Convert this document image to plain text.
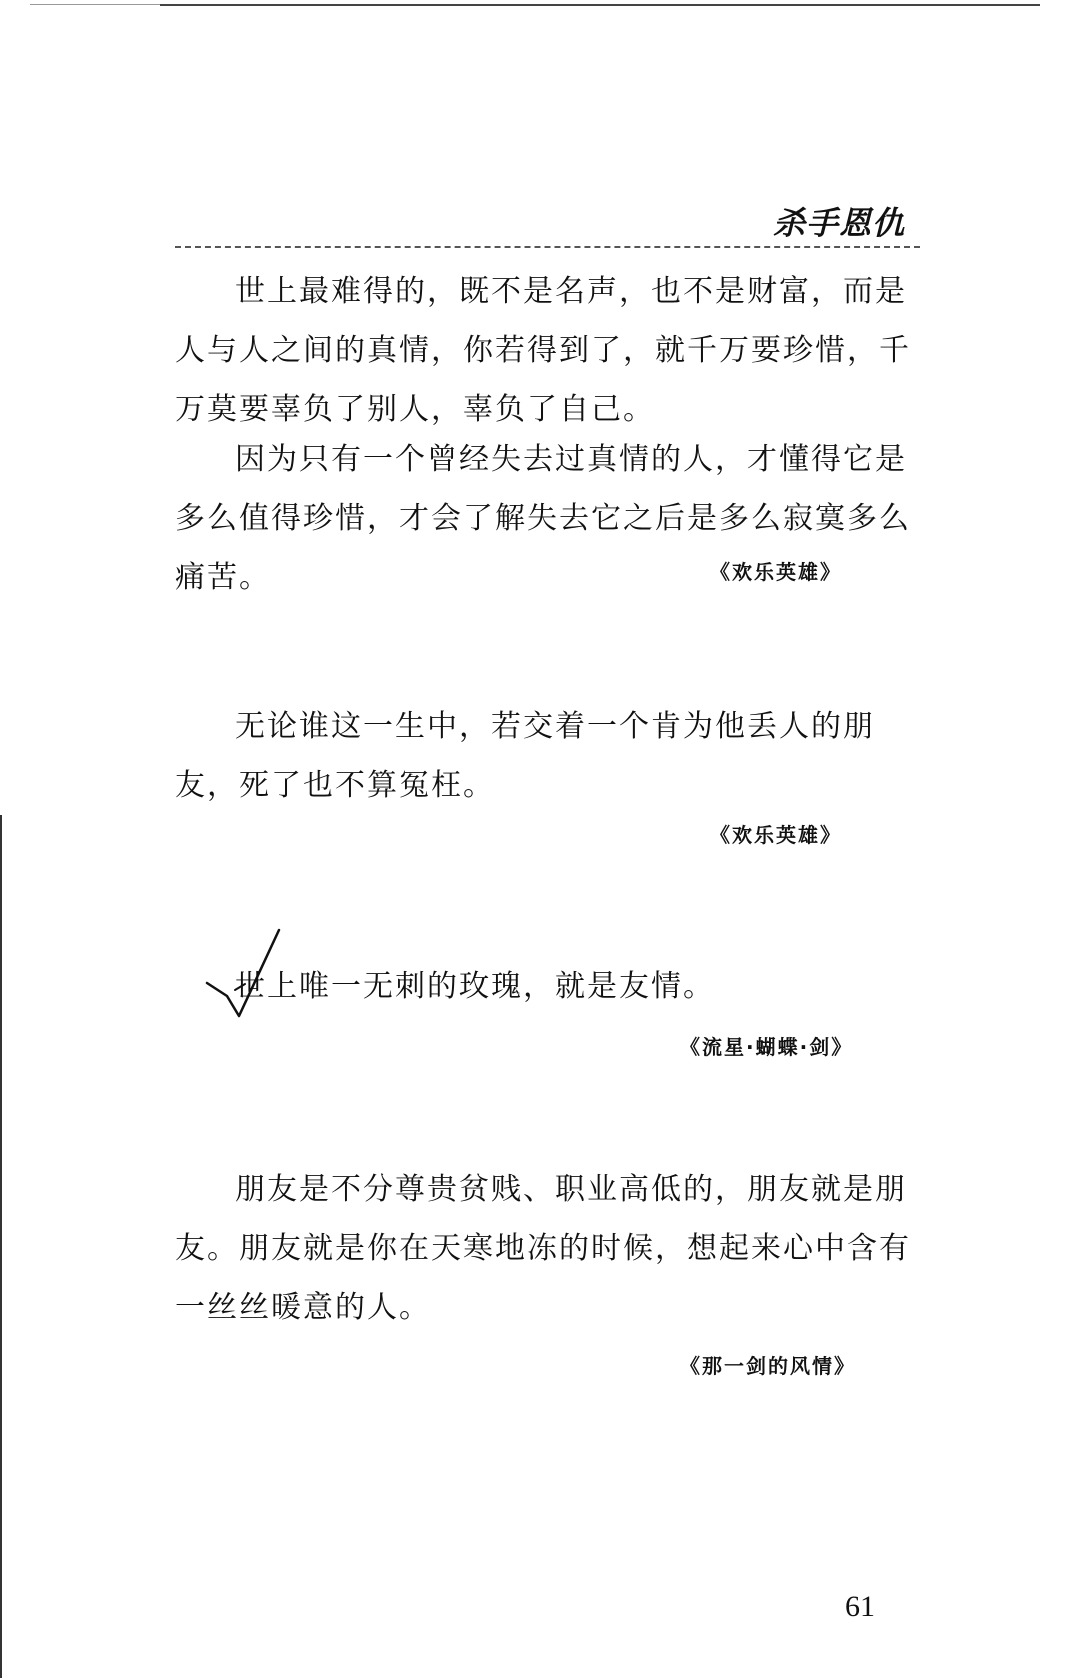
杀手恩仇

世上最难得的，既不是名声，也不是财富，而是人与人之间的真情，你若得到了，就千万要珍惜，千万莫要辜负了别人，辜负了自己。

因为只有一个曾经失去过真情的人，才懂得它是多么值得珍惜，才会了解失去它之后是多么寂寞多么痛苦。	《欢乐英雄》

无论谁这一生中，若交着一个肯为他丢人的朋友，死了也不算冤枉。

《欢乐英雄》

世上唯一无刺的玫瑰，就是友情。

《流星·蝴蝶·剑》

朋友是不分尊贵贫贱、职业高低的，朋友就是朋友。朋友就是你在天寒地冻的时候，想起来心中含有一丝丝暖意的人。

《那一剑的风情》
61
